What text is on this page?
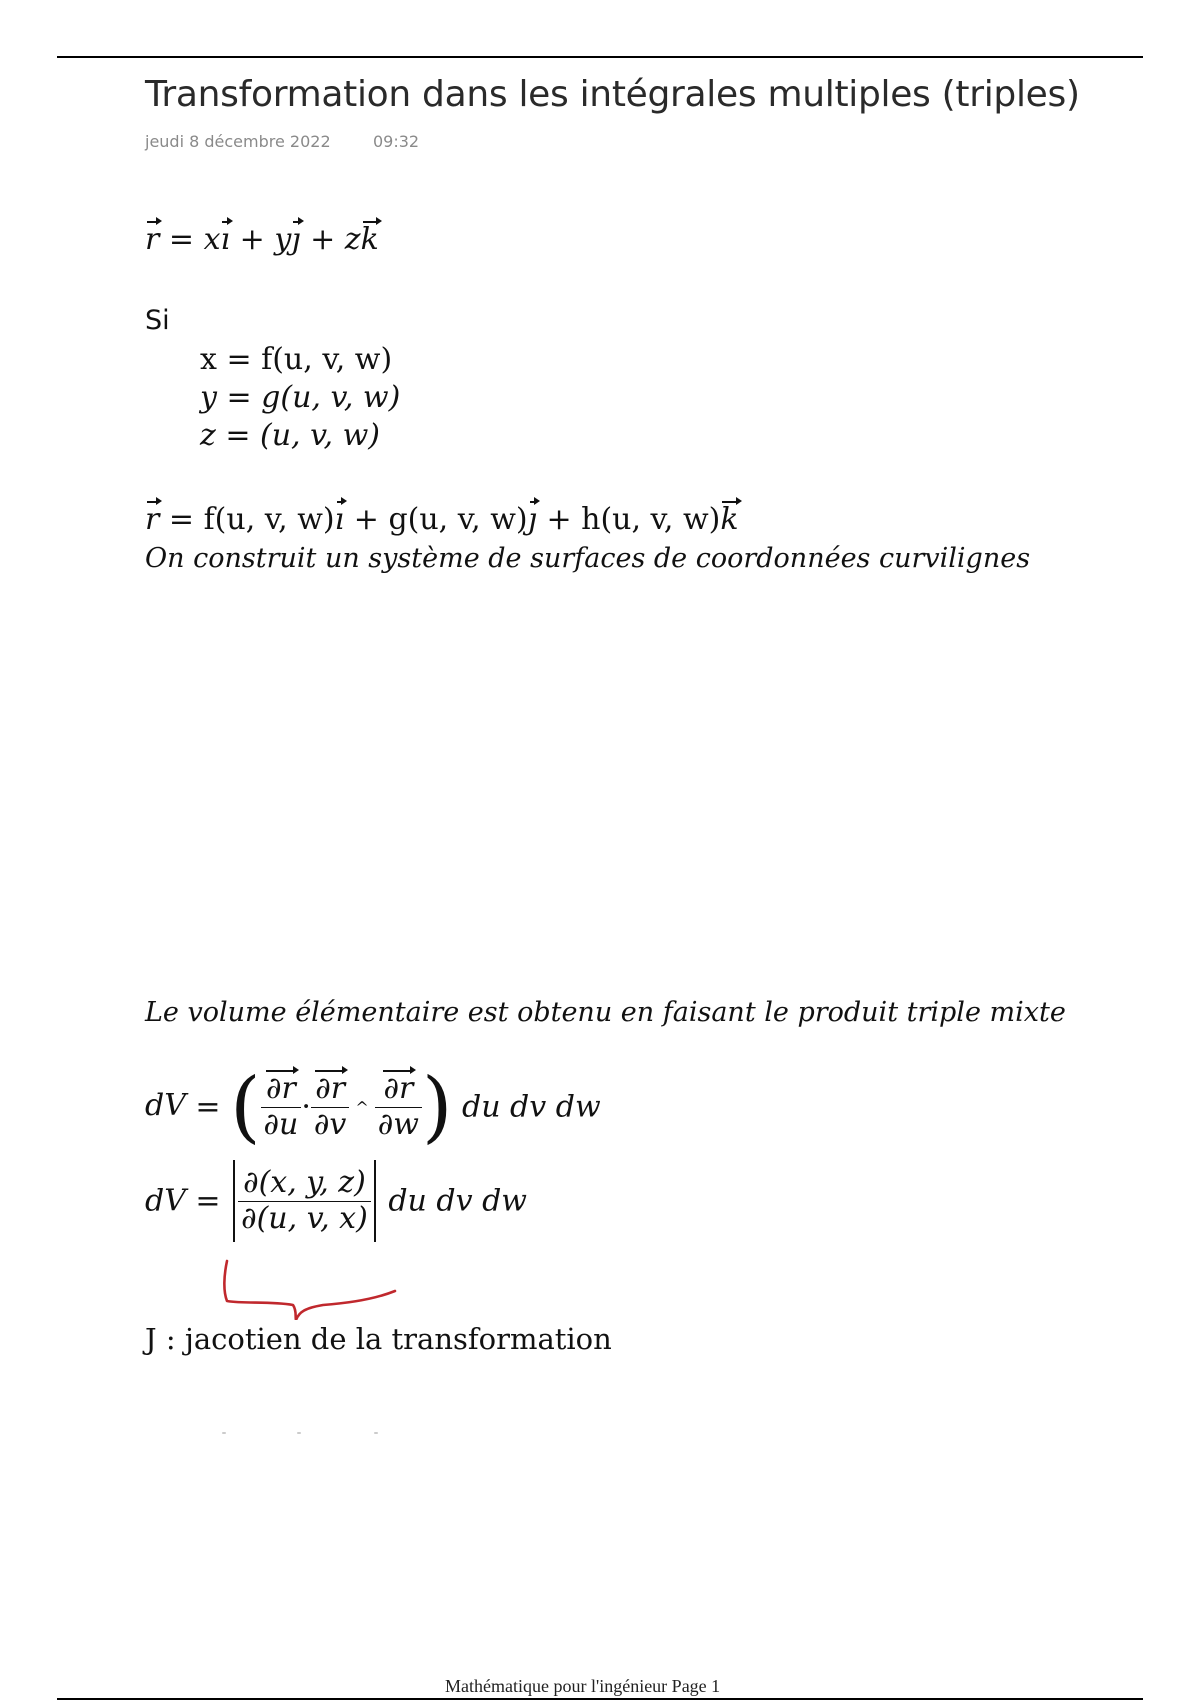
Transformation dans les intégrales multiples (triples)
jeudi 8 décembre 2022	09:32
r = xı + yȷ + zk
Si
x = f(u, v, w)
y = g(u, v, w)
z = (u, v, w)
r = f(u, v, w)ı + g(u, v, w)ȷ + h(u, v, w)k
On construit un système de surfaces de coordonnées curvilignes
Le volume élémentaire est obtenu en faisant le produit triple mixte
dV = ( $\frac{\partial r}{\partial u} \cdot \frac{\partial r}{\partial v}$ ^ $\frac{\partial r}{\partial w}$ ) du dv dw
dV = $\frac{\partial(x, y, z)}{\partial(u, v, x)}$ du dv dw
J : jacotien de la transformation
Mathématique pour l'ingénieur Page 1
